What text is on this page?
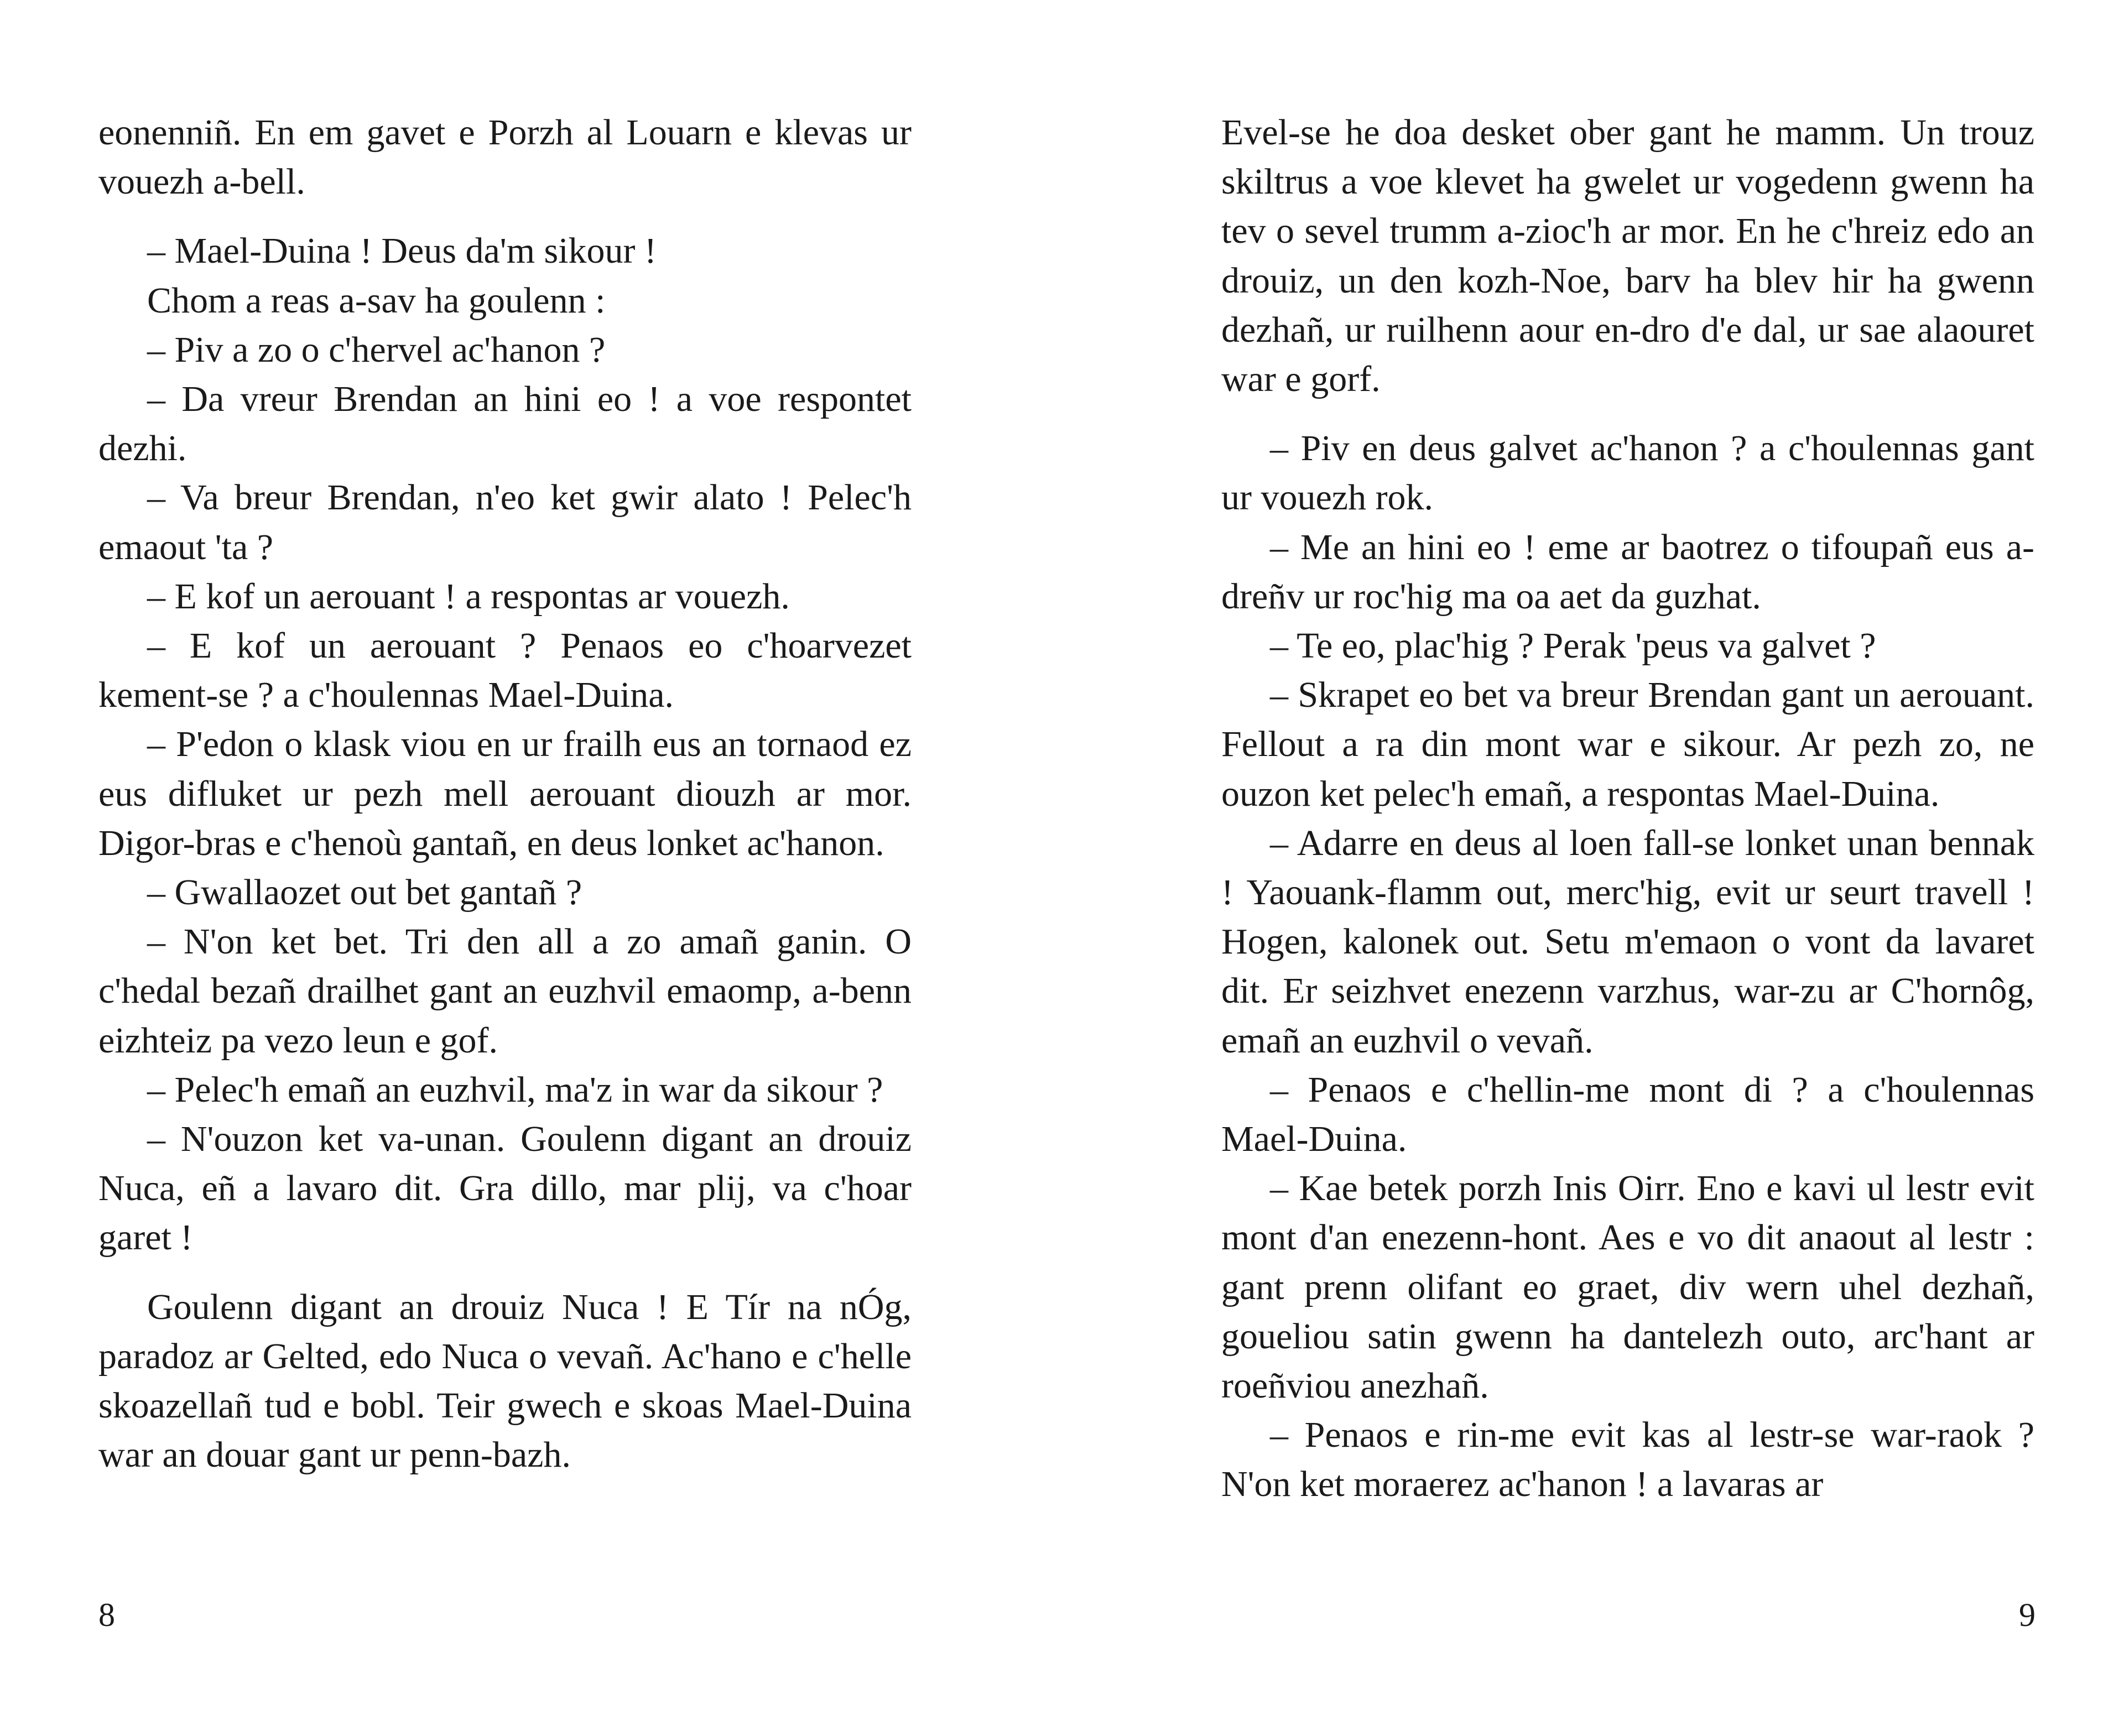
eonenniñ. En em gavet e Porzh al Louarn e klevas ur vouezh a-bell.

– Mael-Duina ! Deus da'm sikour !

Chom a reas a-sav ha goulenn :

– Piv a zo o c'hervel ac'hanon ?

– Da vreur Brendan an hini eo ! a voe respontet dezhi.

– Va breur Brendan, n'eo ket gwir alato ! Pelec'h emaout 'ta ?

– E kof un aerouant ! a respontas ar vouezh.

– E kof un aerouant ? Penaos eo c'hoarvezet kement-se ? a c'houlennas Mael-Duina.

– P'edon o klask viou en ur frailh eus an tornaod ez eus difluket ur pezh mell aerouant diouzh ar mor. Digor-bras e c'henoù gantañ, en deus lonket ac'hanon.

– Gwallaozet out bet gantañ ?

– N'on ket bet. Tri den all a zo amañ ganin. O c'hedal bezañ drailhet gant an euzhvil emaomp, a-benn eizhteiz pa vezo leun e gof.

– Pelec'h emañ an euzhvil, ma'z in war da sikour ?

– N'ouzon ket va-unan. Goulenn digant an drouiz Nuca, eñ a lavaro dit. Gra dillo, mar plij, va c'hoar garet !

Goulenn digant an drouiz Nuca ! E Tír na nÓg, paradoz ar Gelted, edo Nuca o vevañ. Ac'hano e c'helle skoazellañ tud e bobl. Teir gwech e skoas Mael-Duina war an douar gant ur penn-bazh.

8

Evel-se he doa desket ober gant he mamm. Un trouz skiltrus a voe klevet ha gwelet ur vogedenn gwenn ha tev o sevel trumm a-zioc'h ar mor. En he c'hreiz edo an drouiz, un den kozh-Noe, barv ha blev hir ha gwenn dezhañ, ur ruilhenn aour en-dro d'e dal, ur sae alaouret war e gorf.

– Piv en deus galvet ac'hanon ? a c'houlennas gant ur vouezh rok.

– Me an hini eo ! eme ar baotrez o tifoupañ eus a-dreñv ur roc'hig ma oa aet da guzhat.

– Te eo, plac'hig ? Perak 'peus va galvet ?

– Skrapet eo bet va breur Brendan gant un aerouant. Fellout a ra din mont war e sikour. Ar pezh zo, ne ouzon ket pelec'h emañ, a respontas Mael-Duina.

– Adarre en deus al loen fall-se lonket unan bennak ! Yaouank-flamm out, merc'hig, evit ur seurt travell ! Hogen, kalonek out. Setu m'emaon o vont da lavaret dit. Er seizhvet enezenn varzhus, war-zu ar C'hornôg, emañ an euzhvil o vevañ.

– Penaos e c'hellin-me mont di ? a c'houlennas Mael-Duina.

– Kae betek porzh Inis Oirr. Eno e kavi ul lestr evit mont d'an enezenn-hont. Aes e vo dit anaout al lestr : gant prenn olifant eo graet, div wern uhel dezhañ, goueliou satin gwenn ha dantelezh outo, arc'hant ar roeñviou anezhañ.

– Penaos e rin-me evit kas al lestr-se war-raok ? N'on ket moraerez ac'hanon ! a lavaras ar

9
